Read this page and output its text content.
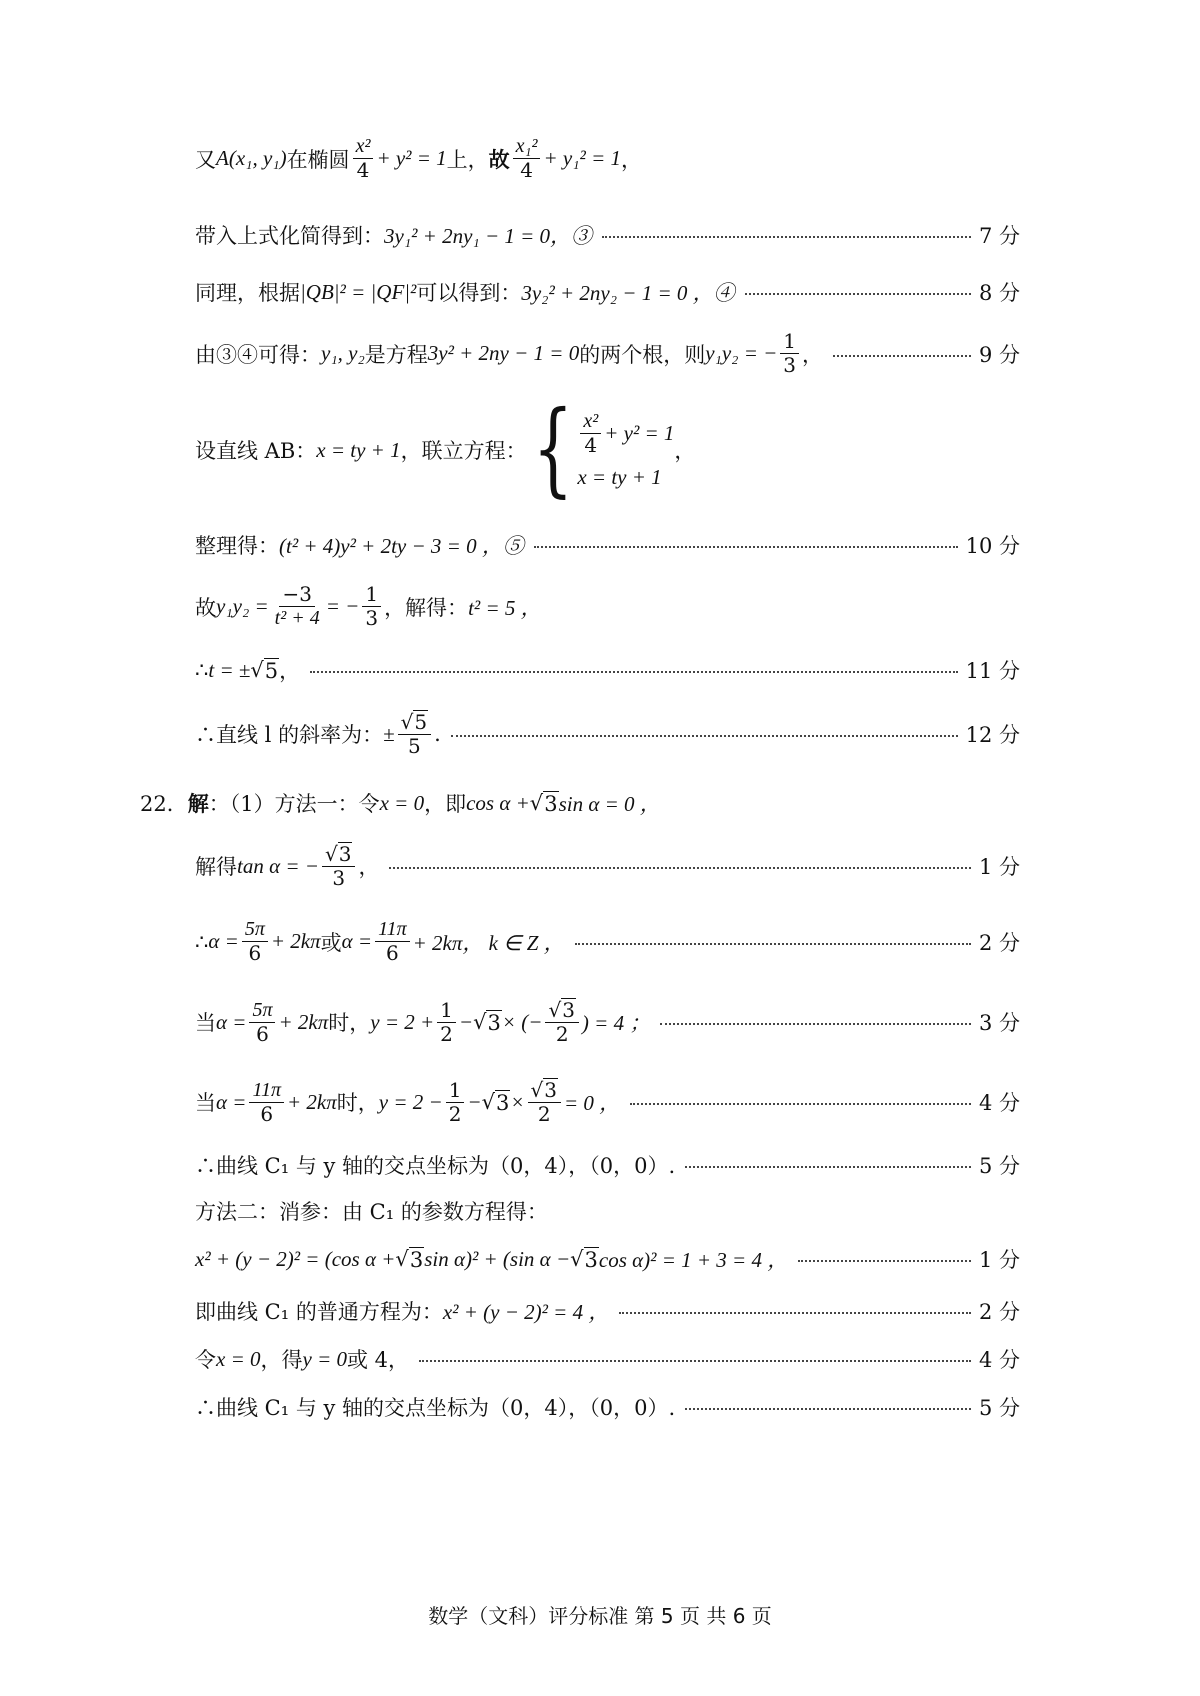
又 A(x₁, y₁) 在椭圆 $\frac{\text{x²}}{4} + y^2 = 1$ 上， 故 $\frac{\text{x₁²}}{4} + y_1^2 = 1$ ，
带入上式化简得到： 3y₁² + 2ny₁ − 1 = 0，③	7 分
同理，根据 |QB|² = |QF|² 可以得到： 3y₂² + 2ny₂ − 1 = 0 ，④	8 分
由③④可得： y₁, y₂ 是方程 3y² + 2ny − 1 = 0 的两个根，则 y₁y₂ = − $\frac{1}{3}$ ，	9 分
设直线 AB： x = ty + 1 ，联立方程： { $\frac{\text{x²}}{4} + y^2 = 1$
x = ty + 1
，
整理得： (t² + 4)y² + 2ty − 3 = 0 ，⑤	10 分
故 $y_1y_2 = \frac{-3}{\text{t² + 4}}$ = − $\frac{1}{3}$ ，解得： t² = 5 ，
∴ t = ± √ 5 ，	11 分
∴直线 l 的斜率为： ± $\frac{√ 5}{5}$ .	12 分
22． 解 ：（1）方法一：令 x = 0 ，即 cos α + √ 3 sin α = 0 ，
解得 tan α = − $\frac{√ 3}{3}$ ，	1 分
∴ $\alpha = \frac{5\pi}{6} + 2k\pi$ 或 $\alpha = \frac{11\pi}{6} + 2k\pi$， k ∈ Z ，	2 分
当 $\alpha = \frac{5\pi}{6} + 2k\pi$ 时， $y = 2 + \frac{1}{2}$ − √ 3 × (− $\frac{√ 3}{2}$ ) = 4 ；	3 分
当 $\alpha = \frac{11\pi}{6} + 2k\pi$ 时， $y = 2 - \frac{1}{2}$ − √ $3 \times \frac{√ 3}{2} = 0$ ，	4 分
∴曲线 C₁ 与 y 轴的交点坐标为（0，4），（0，0）.	5 分
方法二：消参：由 C₁ 的参数方程得：
x² + (y − 2)² = (cos α + √ 3 sin α)² + (sin α − √ 3 cos α)² = 1 + 3 = 4 ，	1 分
即曲线 C₁ 的普通方程为： x² + (y − 2)² = 4 ，	2 分
令 x = 0 ，得 y = 0 或 4，	4 分
∴曲线 C₁ 与 y 轴的交点坐标为（0，4），（0，0）.	5 分
数学（文科）评分标准 第 5 页 共 6 页
